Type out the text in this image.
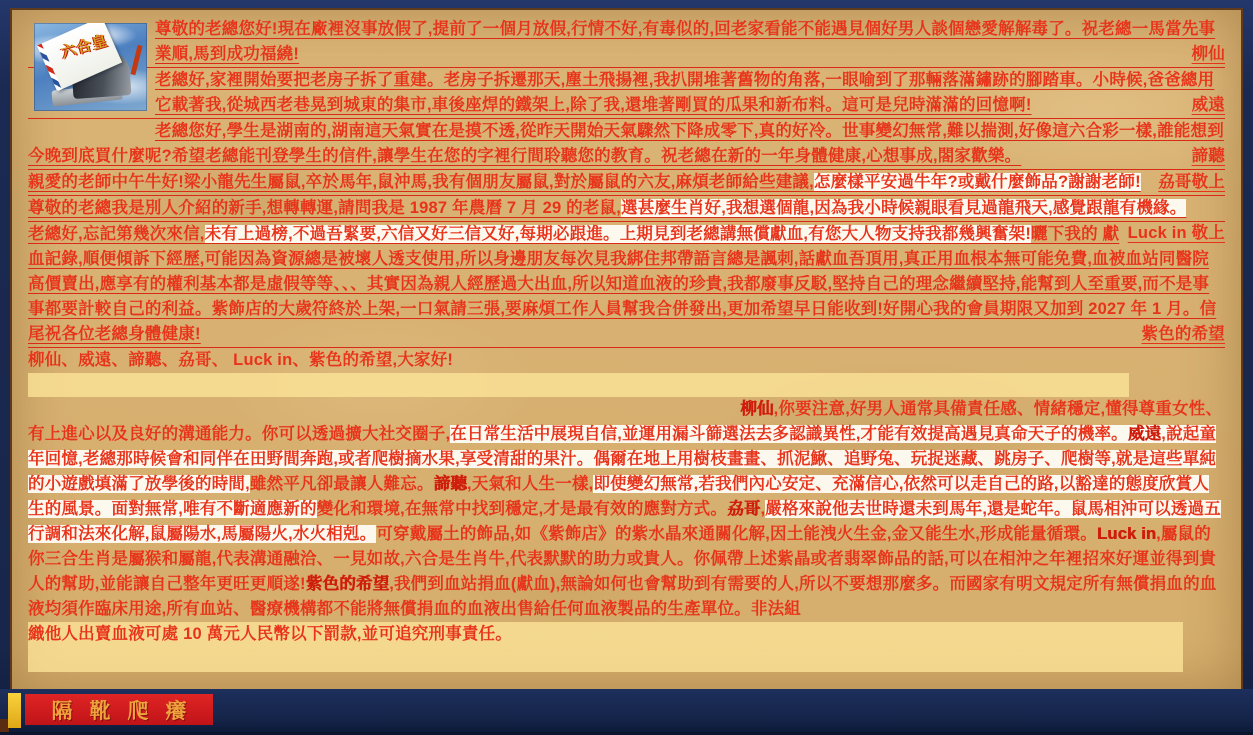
六合皇

尊敬的老總您好!現在廠裡沒事放假了,提前了一個月放假,行情不好,有毒似的,回老家看能不能遇見個好男人談個戀愛解解毒了。祝老總一馬當先事業順,馬到成功福繞!	柳仙

老總好,家裡開始要把老房子拆了重建。老房子拆遷那天,塵土飛揚裡,我扒開堆著舊物的角落,一眼喻到了那輛落滿鏽跡的腳踏車。小時候,爸爸總用它載著我,從城西老巷晃到城東的集市,車後座焊的鐵架上,除了我,還堆著剛買的瓜果和新布料。這可是兒時滿滿的回憶啊!	威遠

老總您好,學生是湖南的,湖南這天氣實在是摸不透,從昨天開始天氣驟然下降成零下,真的好冷。世事變幻無常,難以揣測,好像這六合彩一樣,誰能想到今晚到底買什麼呢?希望老總能刊登學生的信件,讓學生在您的字裡行間聆聽您的教育。祝老總在新的一年身體健康,心想事成,閤家歡樂。	諦聽

親愛的老師中午牛好!梁小龍先生屬鼠,卒於馬年,鼠沖馬,我有個朋友屬鼠,對於屬鼠的六友,麻煩老師給些建議,怎麼樣平安過牛年?或戴什麼飾品?謝謝老師! 劦哥敬上

尊敬的老總我是別人介紹的新手,想轉轉運,請問我是 1987 年農曆 7 月 29 的老鼠,選甚麼生肖好,我想選個龍,因為我小時候親眼看見過龍飛天,感覺跟龍有機緣。
Luck in 敬上

老總好,忘記第幾次來信,未有上過榜,不過吾緊要,六信又好三信又好,每期必跟進。上期見到老總講無償獻血,有您大人物支持我都幾興奮架!曬下我的 獻血記錄,順便傾訴下經歷,可能因為資源總是被壞人透支使用,所以身邊朋友每次見我綁住邦帶語言總是諷刺,話獻血吾頂用,真正用血根本無可能免費,血被血站同醫院高價賣出,應享有的權利基本都是虛假等等、、、其實因為親人經歷過大出血,所以知道血液的珍貴,我都廢事反駁,堅持自己的理念繼續堅持,能幫到人至重要,而不是事事都要計較自己的利益。紫飾店的大歲符終於上架,一口氣請三張,要麻煩工作人員幫我合併發出,更加希望早日能收到!好開心我的會員期限又加到 2027 年 1 月。信尾祝各位老總身體健康!	紫色的希望

柳仙、威遠、諦聽、劦哥、 Luck in、紫色的希望,大家好!

柳仙,你要注意,好男人通常具備責任感、情緒穩定,懂得尊重女性、有上進心以及良好的溝通能力。你可以透過擴大社交圈子,在日常生活中展現自信,並運用漏斗篩選法去多認識異性,才能有效提高遇見真命天子的機率。威遠,說起童年回憶,老總那時候會和同伴在田野間奔跑,或者爬樹摘水果,享受清甜的果汁。偶爾在地上用樹枝畫畫、抓泥鰍、追野兔、玩捉迷藏、跳房子、爬樹等,就是這些單純的小遊戲填滿了放學後的時間,雖然平凡卻最讓人難忘。諦聽,天氣和人生一樣,即使變幻無常,若我們內心安定、充滿信心,依然可以走自己的路,以豁達的態度欣賞人生的風景。面對無常,唯有不斷適應新的變化和環境,在無常中找到穩定,才是最有效的應對方式。劦哥,嚴格來說他去世時還未到馬年,還是蛇年。鼠馬相沖可以透過五行調和法來化解,鼠屬陽水,馬屬陽火,水火相剋。可穿戴屬土的飾品,如《紫飾店》的紫水晶來通關化解,因土能洩火生金,金又能生水,形成能量循環。Luck in,屬鼠的你三合生肖是屬猴和屬龍,代表溝通融洽、一見如故,六合是生肖牛,代表默默的助力或貴人。你佩帶上述紫晶或者翡翠飾品的話,可以在相沖之年裡招來好運並得到貴人的幫助,並能讓自己整年更旺更順遂!紫色的希望,我們到血站捐血(獻血),無論如何也會幫助到有需要的人,所以不要想那麼多。而國家有明文規定所有無償捐血的血液均須作臨床用途,所有血站、醫療機構都不能將無償捐血的血液出售給任何血液製品的生產單位。非法組

織他人出賣血液可處 10 萬元人民幣以下罰款,並可追究刑事責任。

隔靴爬癢
